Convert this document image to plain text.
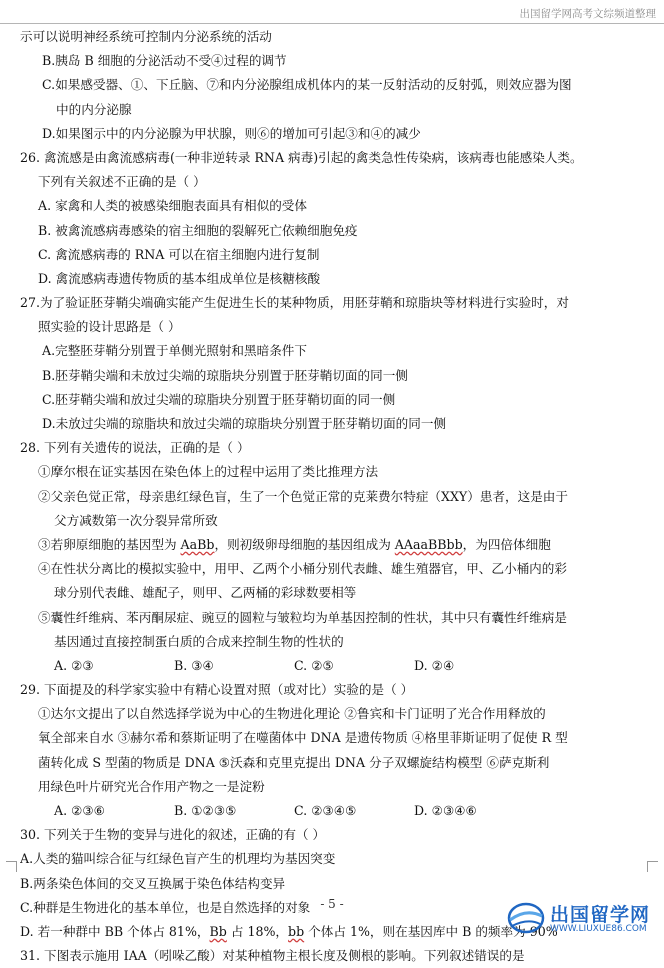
出国留学网高考文综频道整理
示可以说明神经系统可控制内分泌系统的活动
B.胰岛 B 细胞的分泌活动不受④过程的调节
C.如果感受器、①、下丘脑、⑦和内分泌腺组成机体内的某一反射活动的反射弧，则效应器为图
中的内分泌腺
D.如果图示中的内分泌腺为甲状腺，则⑥的增加可引起③和④的减少
26. 禽流感是由禽流感病毒(一种非逆转录 RNA 病毒)引起的禽类急性传染病，该病毒也能感染人类。
下列有关叙述不正确的是（ ）
A. 家禽和人类的被感染细胞表面具有相似的受体
B. 被禽流感病毒感染的宿主细胞的裂解死亡依赖细胞免疫
C. 禽流感病毒的 RNA 可以在宿主细胞内进行复制
D. 禽流感病毒遗传物质的基本组成单位是核糖核酸
27.为了验证胚芽鞘尖端确实能产生促进生长的某种物质，用胚芽鞘和琼脂块等材料进行实验时，对
照实验的设计思路是（ ）
A.完整胚芽鞘分别置于单侧光照射和黑暗条件下
B.胚芽鞘尖端和未放过尖端的琼脂块分别置于胚芽鞘切面的同一侧
C.胚芽鞘尖端和放过尖端的琼脂块分别置于胚芽鞘切面的同一侧
D.未放过尖端的琼脂块和放过尖端的琼脂块分别置于胚芽鞘切面的同一侧
28. 下列有关遗传的说法，正确的是（ ）
①摩尔根在证实基因在染色体上的过程中运用了类比推理方法
②父亲色觉正常，母亲患红绿色盲，生了一个色觉正常的克莱费尔特症（XXY）患者，这是由于
父方减数第一次分裂异常所致
③若卵原细胞的基因型为 AaBb，则初级卵母细胞的基因组成为 AAaaBBbb，为四倍体细胞
④在性状分离比的模拟实验中，用甲、乙两个小桶分别代表雌、雄生殖器官，甲、乙小桶内的彩
球分别代表雌、雄配子，则甲、乙两桶的彩球数要相等
⑤囊性纤维病、苯丙酮尿症、豌豆的圆粒与皱粒均为单基因控制的性状，其中只有囊性纤维病是
基因通过直接控制蛋白质的合成来控制生物的性状的
A. ②③	B. ③④	C. ②⑤	D. ②④
29. 下面提及的科学家实验中有精心设置对照（或对比）实验的是（ ）
①达尔文提出了以自然选择学说为中心的生物进化理论 ②鲁宾和卡门证明了光合作用释放的
氧全部来自水 ③赫尔希和蔡斯证明了在噬菌体中 DNA 是遗传物质 ④格里菲斯证明了促使 R 型
菌转化成 S 型菌的物质是 DNA ⑤沃森和克里克提出 DNA 分子双螺旋结构模型 ⑥萨克斯利
用绿色叶片研究光合作用产物之一是淀粉
A. ②③⑥	B. ①②③⑤	C. ②③④⑤	D. ②③④⑥
30. 下列关于生物的变异与进化的叙述，正确的有（ ）
A.人类的猫叫综合征与红绿色盲产生的机理均为基因突变
B.两条染色体间的交叉互换属于染色体结构变异
C.种群是生物进化的基本单位，也是自然选择的对象
D. 若一种群中 BB 个体占 81%，Bb 占 18%，bb 个体占 1%，则在基因库中 B 的频率为 90%
31. 下图表示施用 IAA（吲哚乙酸）对某种植物主根长度及侧根的影响。下列叙述错误的是
- 5 -	出国留学网
WWW.LIUXUE86.COM
